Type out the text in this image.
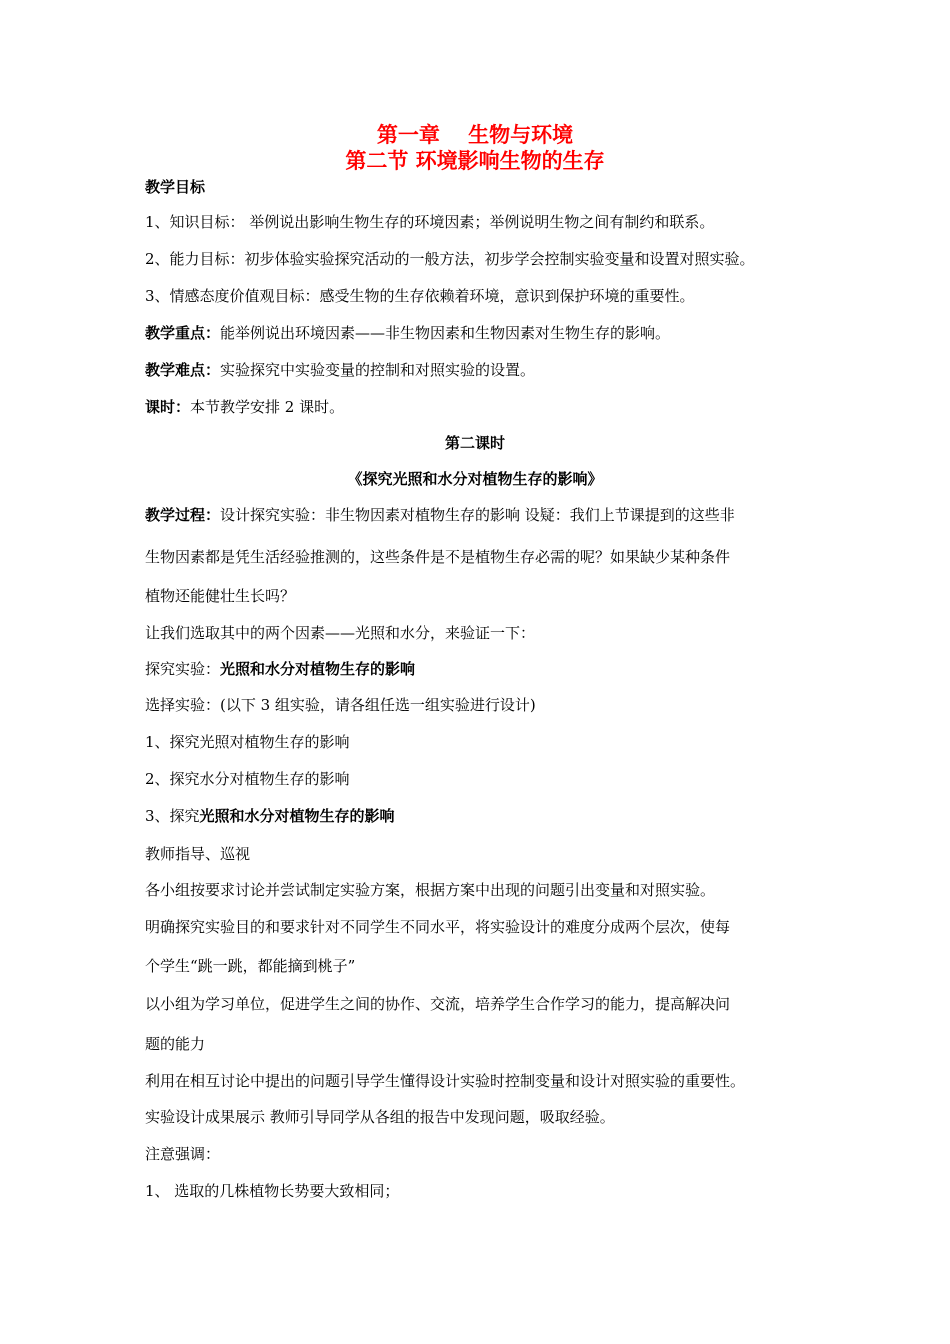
第一章　 生物与环境
第二节 环境影响生物的生存
教学目标
1、知识目标： 举例说出影响生物生存的环境因素；举例说明生物之间有制约和联系。
2、能力目标：初步体验实验探究活动的一般方法，初步学会控制实验变量和设置对照实验。
3、情感态度价值观目标：感受生物的生存依赖着环境，意识到保护环境的重要性。
教学重点：能举例说出环境因素——非生物因素和生物因素对生物生存的影响。
教学难点：实验探究中实验变量的控制和对照实验的设置。
课时：本节教学安排 2 课时。
第二课时
《探究光照和水分对植物生存的影响》
教学过程：设计探究实验：非生物因素对植物生存的影响 设疑：我们上节课提到的这些非
生物因素都是凭生活经验推测的，这些条件是不是植物生存必需的呢？如果缺少某种条件
植物还能健壮生长吗？
让我们选取其中的两个因素——光照和水分，来验证一下：
探究实验：光照和水分对植物生存的影响
选择实验：(以下 3 组实验，请各组任选一组实验进行设计)
1、探究光照对植物生存的影响
2、探究水分对植物生存的影响
3、探究光照和水分对植物生存的影响
教师指导、巡视
各小组按要求讨论并尝试制定实验方案，根据方案中出现的问题引出变量和对照实验。
明确探究实验目的和要求针对不同学生不同水平，将实验设计的难度分成两个层次，使每
个学生“跳一跳，都能摘到桃子”
以小组为学习单位，促进学生之间的协作、交流，培养学生合作学习的能力，提高解决问
题的能力
利用在相互讨论中提出的问题引导学生懂得设计实验时控制变量和设计对照实验的重要性。
实验设计成果展示 教师引导同学从各组的报告中发现问题，吸取经验。
注意强调：
1、 选取的几株植物长势要大致相同；
